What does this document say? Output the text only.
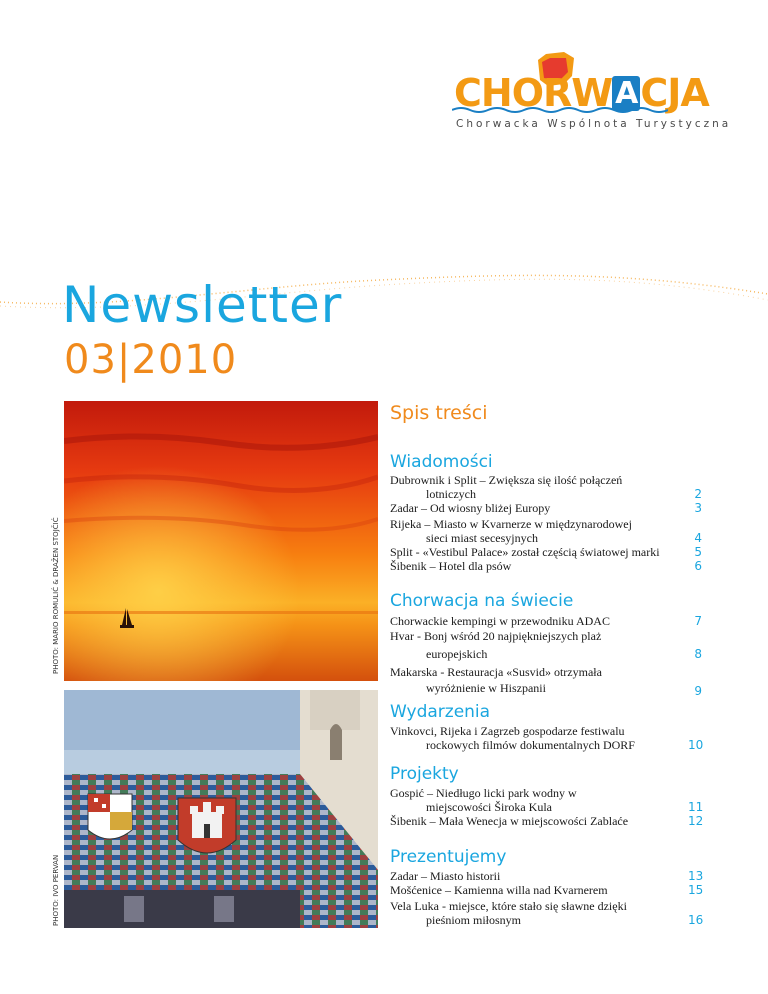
CHORW ACJA
Chorwacka Wspólnota Turystyczna
Newsletter
03|2010
PHOTO: MARIO ROMULIĆ & DRAŽEN STOJČIĆ
PHOTO: IVO PERVAN
Spis treści
Wiadomości
Dubrownik i Split – Zwiększa się ilość połączeń
lotniczych	2
Zadar – Od wiosny bliżej Europy	3
Rijeka – Miasto w Kvarnerze w międzynarodowej
sieci miast secesyjnych	4
Split - «Vestibul Palace» został częścią światowej marki	5
Šibenik – Hotel dla psów	6
Chorwacja na świecie
Chorwackie kempingi w przewodniku ADAC	7
Hvar - Bonj wśród 20 najpiękniejszych plaż
europejskich	8
Makarska - Restauracja «Susvid» otrzymała
wyróżnienie w Hiszpanii	9
Wydarzenia
Vinkovci, Rijeka i Zagrzeb gospodarze festiwalu
rockowych filmów dokumentalnych DORF	10
Projekty
Gospić – Niedługo licki park wodny w
miejscowości Široka Kula	11
Šibenik – Mała Wenecja w miejscowości Zablaće	12
Prezentujemy
Zadar – Miasto historii	13
Mošćenice – Kamienna willa nad Kvarnerem	15
Vela Luka - miejsce, które stało się sławne dzięki
pieśniom miłosnym	16
